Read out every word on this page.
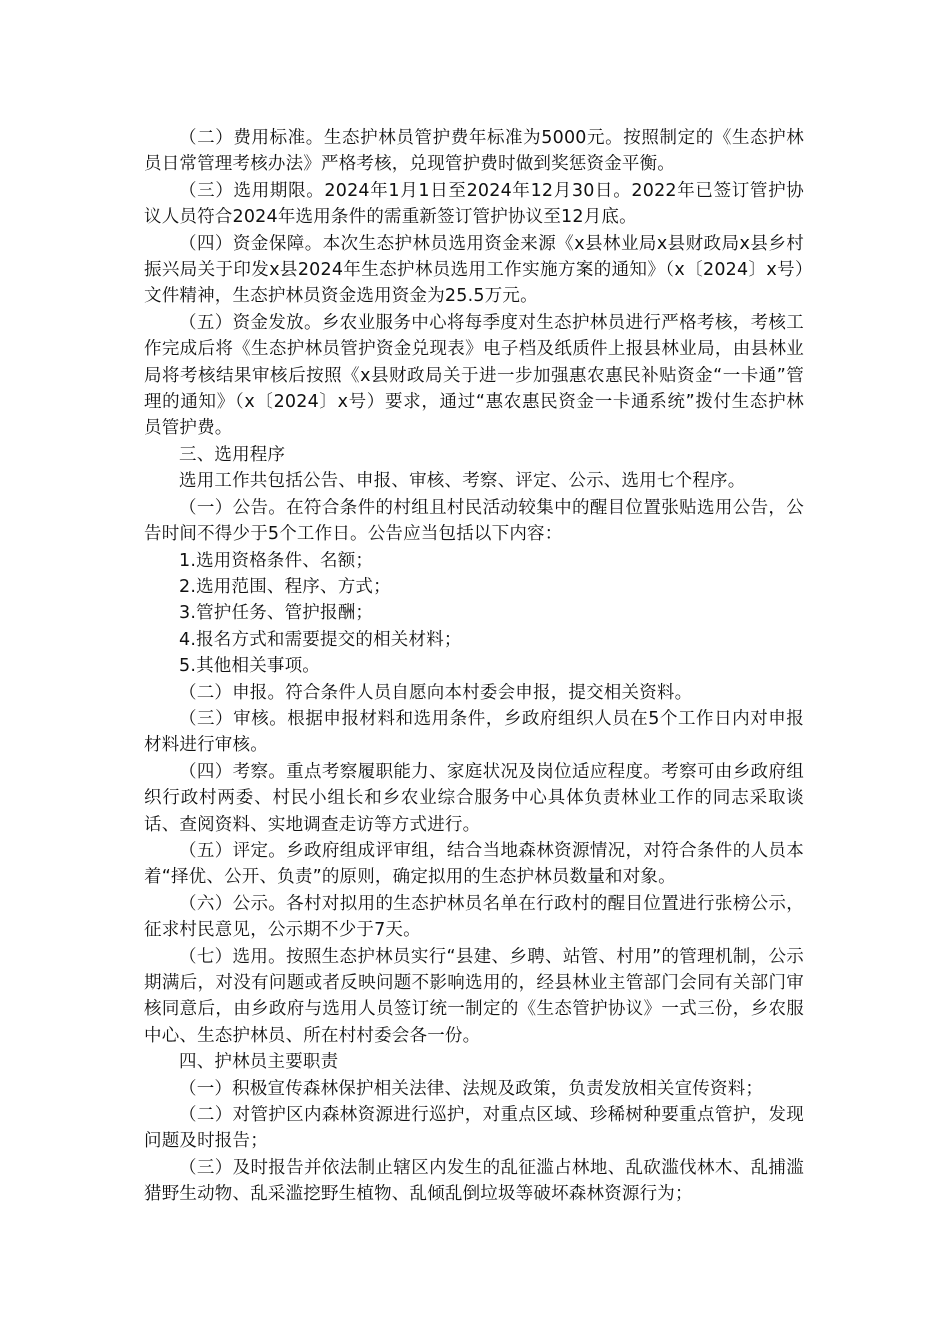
（二）费用标准。生态护林员管护费年标准为5000元。按照制定的《生态护林员日常管理考核办法》严格考核，兑现管护费时做到奖惩资金平衡。

（三）选用期限。2024年1月1日至2024年12月30日。2022年已签订管护协议人员符合2024年选用条件的需重新签订管护协议至12月底。

（四）资金保障。本次生态护林员选用资金来源《x县林业局x县财政局x县乡村振兴局关于印发x县2024年生态护林员选用工作实施方案的通知》（x〔2024〕x号）文件精神，生态护林员资金选用资金为25.5万元。

（五）资金发放。乡农业服务中心将每季度对生态护林员进行严格考核，考核工作完成后将《生态护林员管护资金兑现表》电子档及纸质件上报县林业局，由县林业局将考核结果审核后按照《x县财政局关于进一步加强惠农惠民补贴资金“一卡通”管理的通知》（x〔2024〕x号）要求，通过“惠农惠民资金一卡通系统”拨付生态护林员管护费。

三、选用程序

选用工作共包括公告、申报、审核、考察、评定、公示、选用七个程序。

（一）公告。在符合条件的村组且村民活动较集中的醒目位置张贴选用公告，公告时间不得少于5个工作日。公告应当包括以下内容：

1.选用资格条件、名额；

2.选用范围、程序、方式；

3.管护任务、管护报酬；

4.报名方式和需要提交的相关材料；

5.其他相关事项。

（二）申报。符合条件人员自愿向本村委会申报，提交相关资料。

（三）审核。根据申报材料和选用条件，乡政府组织人员在5个工作日内对申报材料进行审核。

（四）考察。重点考察履职能力、家庭状况及岗位适应程度。考察可由乡政府组织行政村两委、村民小组长和乡农业综合服务中心具体负责林业工作的同志采取谈话、查阅资料、实地调查走访等方式进行。

（五）评定。乡政府组成评审组，结合当地森林资源情况，对符合条件的人员本着“择优、公开、负责”的原则，确定拟用的生态护林员数量和对象。

（六）公示。各村对拟用的生态护林员名单在行政村的醒目位置进行张榜公示，征求村民意见，公示期不少于7天。

（七）选用。按照生态护林员实行“县建、乡聘、站管、村用”的管理机制，公示期满后，对没有问题或者反映问题不影响选用的，经县林业主管部门会同有关部门审核同意后，由乡政府与选用人员签订统一制定的《生态管护协议》一式三份，乡农服中心、生态护林员、所在村村委会各一份。

四、护林员主要职责

（一）积极宣传森林保护相关法律、法规及政策，负责发放相关宣传资料；

（二）对管护区内森林资源进行巡护，对重点区域、珍稀树种要重点管护，发现问题及时报告；

（三）及时报告并依法制止辖区内发生的乱征滥占林地、乱砍滥伐林木、乱捕滥猎野生动物、乱采滥挖野生植物、乱倾乱倒垃圾等破坏森林资源行为；
